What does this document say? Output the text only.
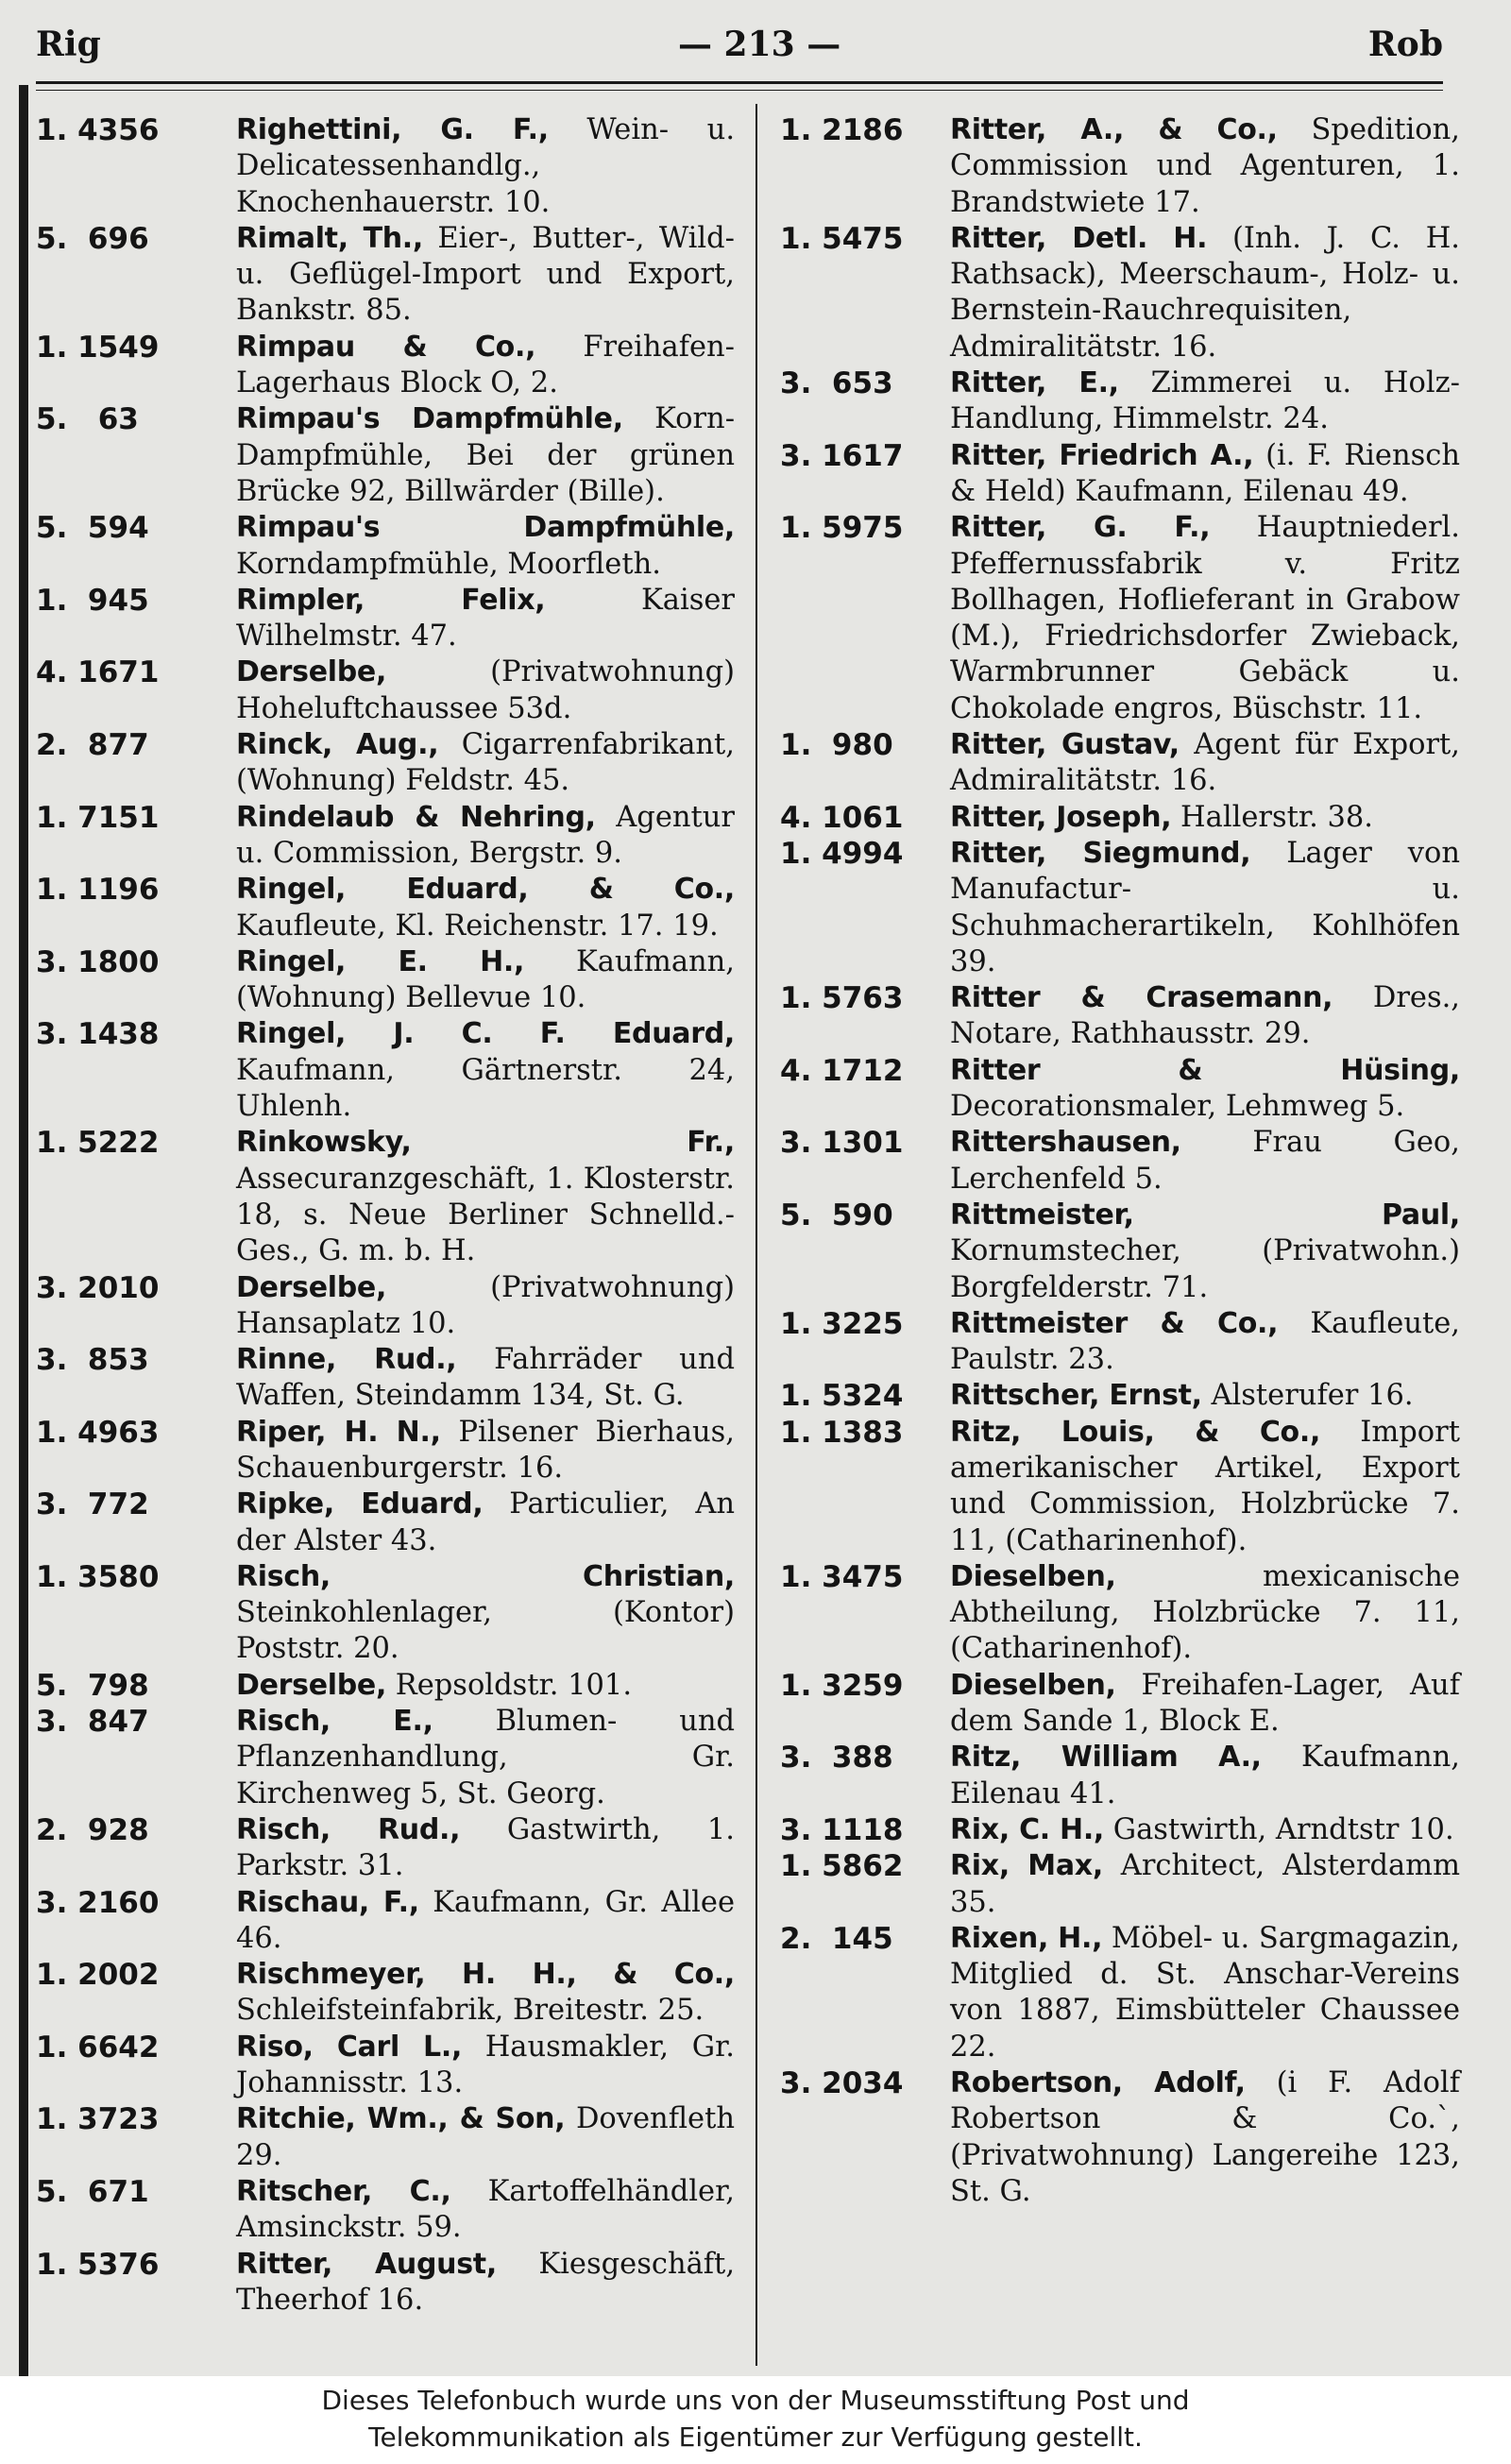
Rig	— 213 —	Rob
1. 4356	Righettini, G. F., Wein- u. Delicatessenhandlg., Knochenhauerstr. 10.
5.  696	Rimalt, Th., Eier-, Butter-, Wild- u. Geflügel-Import und Export, Bankstr. 85.
1. 1549	Rimpau & Co., Freihafen-Lagerhaus Block O, 2.
5.   63	Rimpau's Dampfmühle, Korn-Dampfmühle, Bei der grünen Brücke 92, Billwärder (Bille).
5.  594	Rimpau's Dampfmühle, Korndampfmühle, Moorfleth.
1.  945	Rimpler, Felix, Kaiser Wilhelmstr. 47.
4. 1671	Derselbe, (Privatwohnung) Hoheluftchaussee 53d.
2.  877	Rinck, Aug., Cigarrenfabrikant, (Wohnung) Feldstr. 45.
1. 7151	Rindelaub & Nehring, Agentur u. Commission, Bergstr. 9.
1. 1196	Ringel, Eduard, & Co., Kaufleute, Kl. Reichenstr. 17. 19.
3. 1800	Ringel, E. H., Kaufmann, (Wohnung) Bellevue 10.
3. 1438	Ringel, J. C. F. Eduard, Kaufmann, Gärtnerstr. 24, Uhlenh.
1. 5222	Rinkowsky, Fr., Assecuranzgeschäft, 1. Klosterstr. 18, s. Neue Berliner Schnelld.-Ges., G. m. b. H.
3. 2010	Derselbe, (Privatwohnung) Hansaplatz 10.
3.  853	Rinne, Rud., Fahrräder und Waffen, Steindamm 134, St. G.
1. 4963	Riper, H. N., Pilsener Bierhaus, Schauenburgerstr. 16.
3.  772	Ripke, Eduard, Particulier, An der Alster 43.
1. 3580	Risch, Christian, Steinkohlenlager, (Kontor) Poststr. 20.
5.  798	Derselbe, Repsoldstr. 101.
3.  847	Risch, E., Blumen- und Pflanzenhandlung, Gr. Kirchenweg 5, St. Georg.
2.  928	Risch, Rud., Gastwirth, 1. Parkstr. 31.
3. 2160	Rischau, F., Kaufmann, Gr. Allee 46.
1. 2002	Rischmeyer, H. H., & Co., Schleifsteinfabrik, Breitestr. 25.
1. 6642	Riso, Carl L., Hausmakler, Gr. Johannisstr. 13.
1. 3723	Ritchie, Wm., & Son, Dovenfleth 29.
5.  671	Ritscher, C., Kartoffelhändler, Amsinckstr. 59.
1. 5376	Ritter, August, Kiesgeschäft, Theerhof 16.
1. 2186	Ritter, A., & Co., Spedition, Commission und Agenturen, 1. Brandstwiete 17.
1. 5475	Ritter, Detl. H. (Inh. J. C. H. Rathsack), Meerschaum-, Holz- u. Bernstein-Rauchrequisiten, Admiralitätstr. 16.
3.  653	Ritter, E., Zimmerei u. Holz-Handlung, Himmelstr. 24.
3. 1617	Ritter, Friedrich A., (i. F. Riensch & Held) Kaufmann, Eilenau 49.
1. 5975	Ritter, G. F., Hauptniederl. Pfeffernussfabrik v. Fritz Bollhagen, Hoflieferant in Grabow (M.), Friedrichsdorfer Zwieback, Warmbrunner Gebäck u. Chokolade engros, Büschstr. 11.
1.  980	Ritter, Gustav, Agent für Export, Admiralitätstr. 16.
4. 1061	Ritter, Joseph, Hallerstr. 38.
1. 4994	Ritter, Siegmund, Lager von Manufactur- u. Schuhmacherartikeln, Kohlhöfen 39.
1. 5763	Ritter & Crasemann, Dres., Notare, Rathhausstr. 29.
4. 1712	Ritter & Hüsing, Decorationsmaler, Lehmweg 5.
3. 1301	Rittershausen, Frau Geo, Lerchenfeld 5.
5.  590	Rittmeister, Paul, Kornumstecher, (Privatwohn.) Borgfelderstr. 71.
1. 3225	Rittmeister & Co., Kaufleute, Paulstr. 23.
1. 5324	Rittscher, Ernst, Alsterufer 16.
1. 1383	Ritz, Louis, & Co., Import amerikanischer Artikel, Export und Commission, Holzbrücke 7. 11, (Catharinenhof).
1. 3475	Dieselben, mexicanische Abtheilung, Holzbrücke 7. 11, (Catharinenhof).
1. 3259	Dieselben, Freihafen-Lager, Auf dem Sande 1, Block E.
3.  388	Ritz, William A., Kaufmann, Eilenau 41.
3. 1118	Rix, C. H., Gastwirth, Arndtstr 10.
1. 5862	Rix, Max, Architect, Alsterdamm 35.
2.  145	Rixen, H., Möbel- u. Sargmagazin, Mitglied d. St. Anschar-Vereins von 1887, Eimsbütteler Chaussee 22.
3. 2034	Robertson, Adolf, (i F. Adolf Robertson & Co.`, (Privatwohnung) Langereihe 123, St. G.
Dieses Telefonbuch wurde uns von der Museumsstiftung Post und
Telekommunikation als Eigentümer zur Verfügung gestellt.
